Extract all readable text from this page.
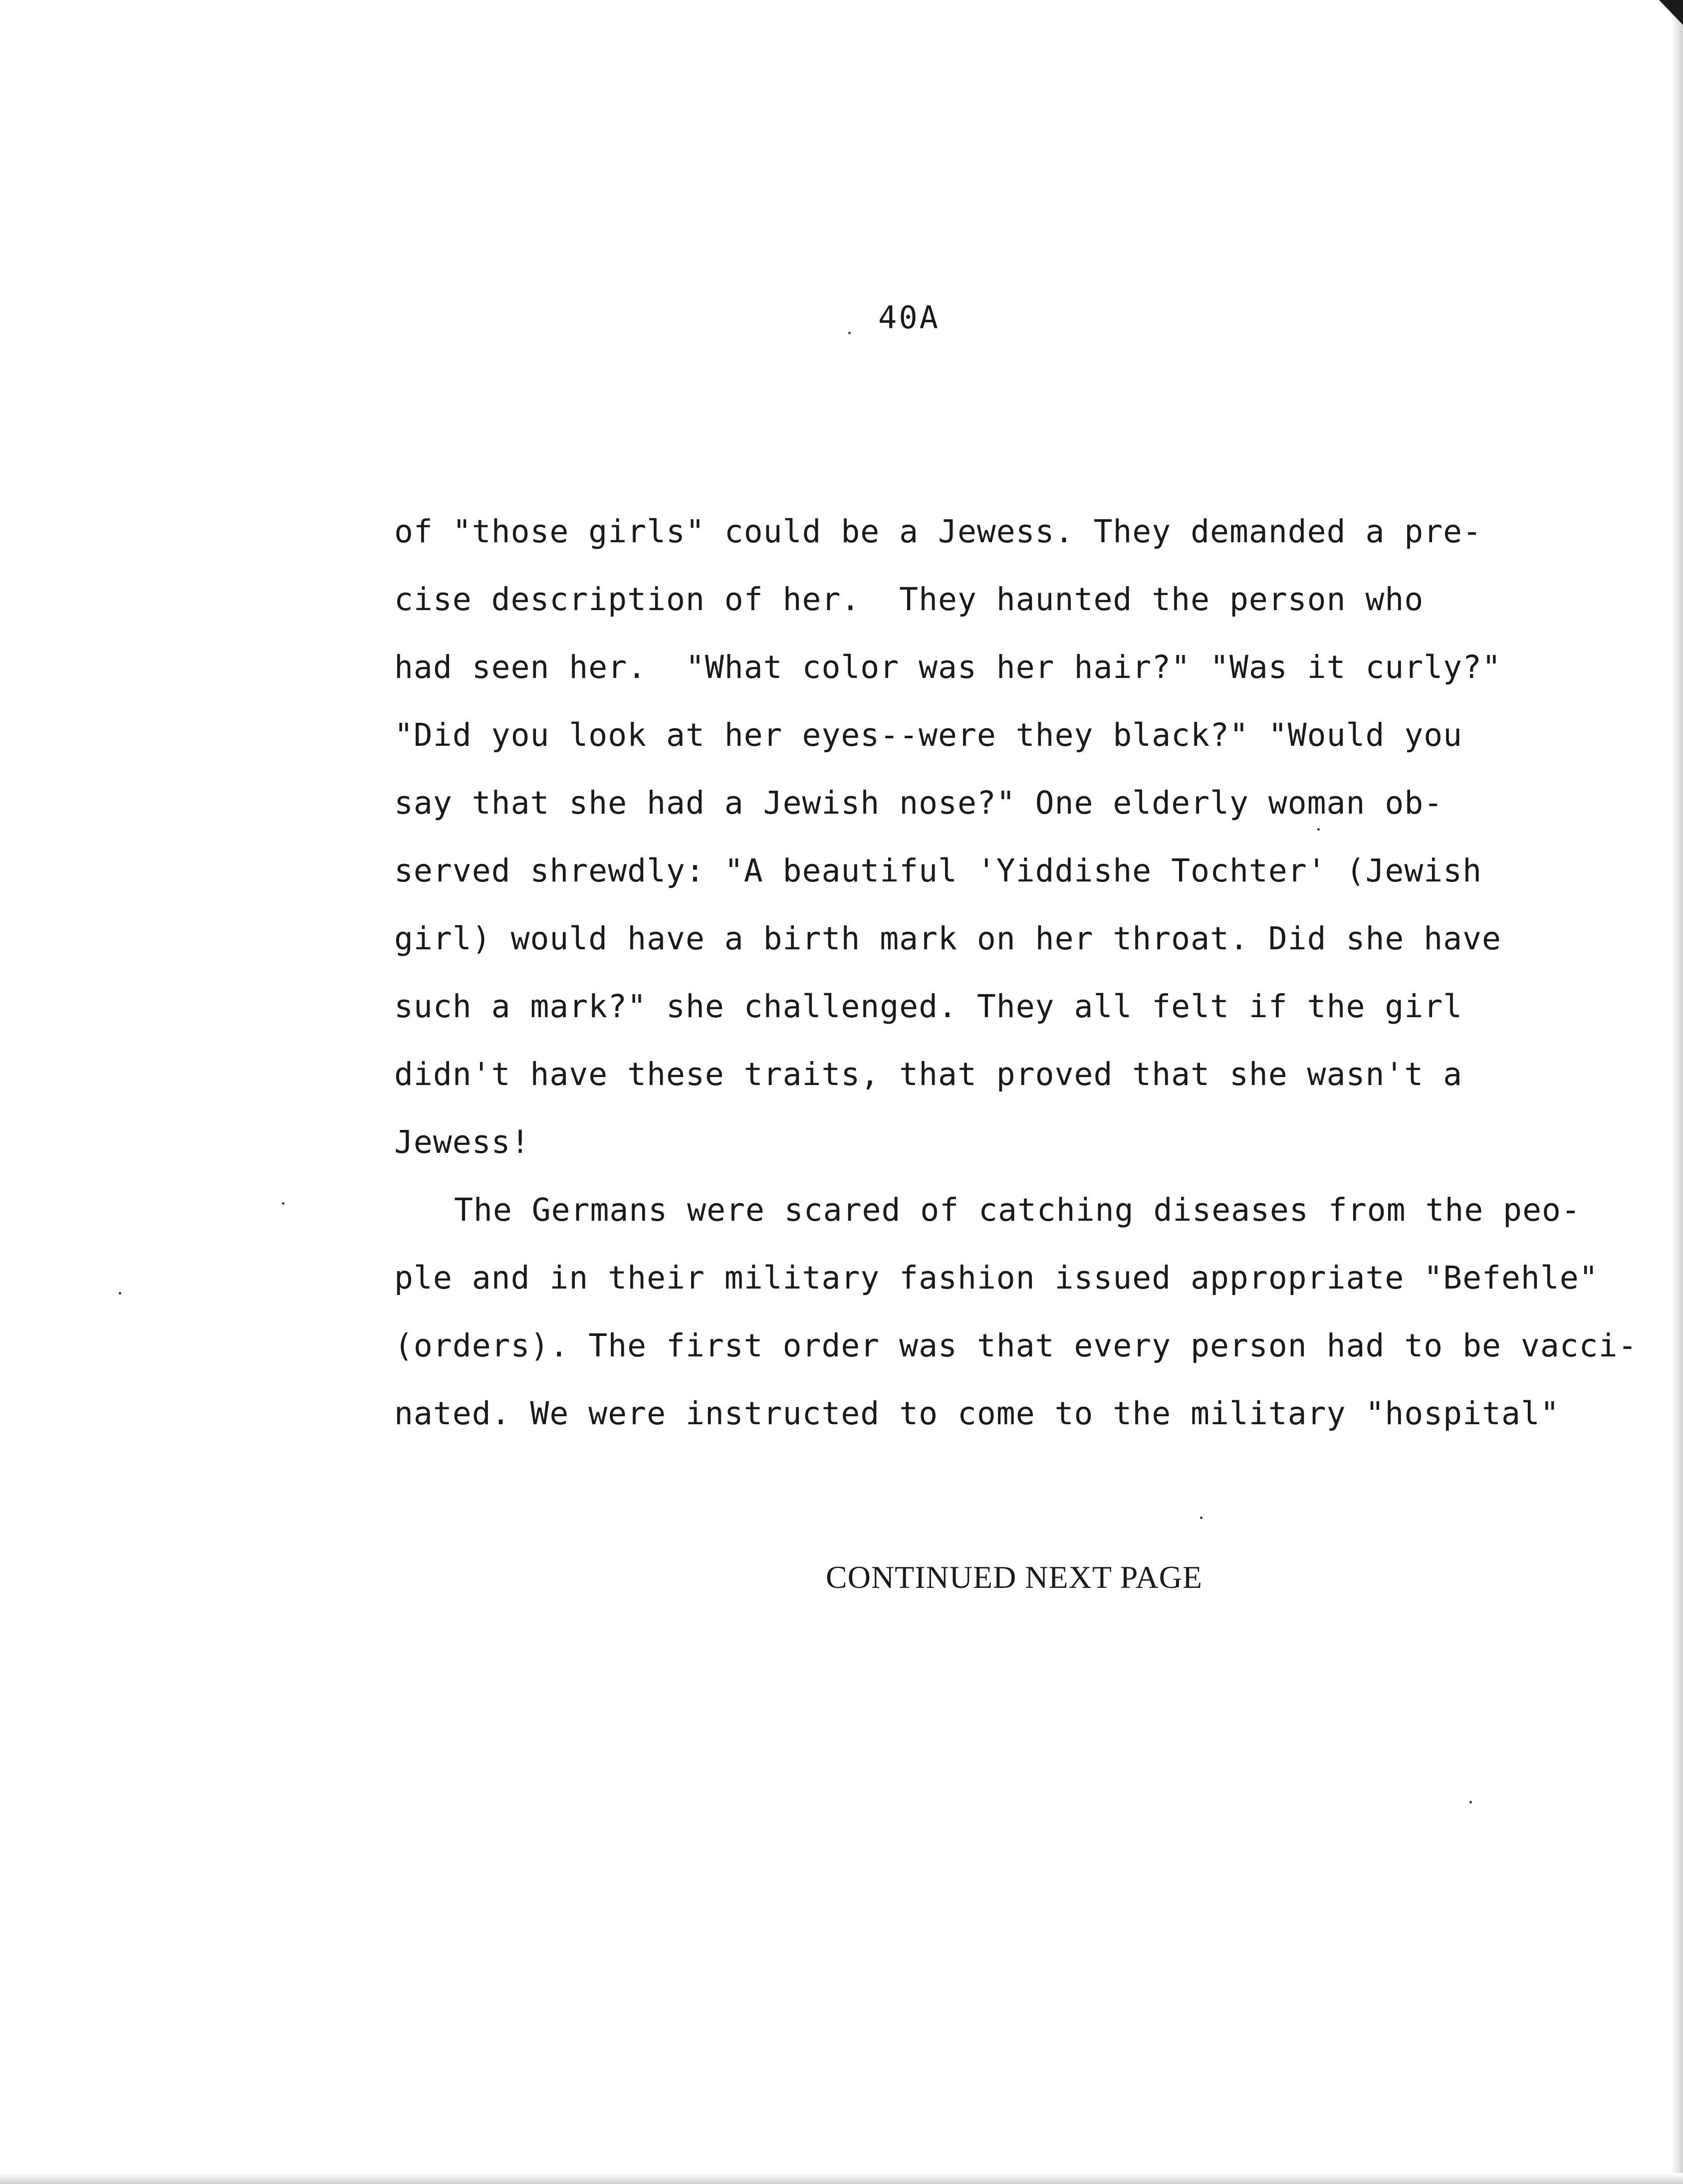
40A
of "those girls" could be a Jewess. They demanded a pre-
cise description of her.  They haunted the person who
had seen her.  "What color was her hair?" "Was it curly?"
"Did you look at her eyes--were they black?" "Would you
say that she had a Jewish nose?" One elderly woman ob-
served shrewdly: "A beautiful 'Yiddishe Tochter' (Jewish
girl) would have a birth mark on her throat. Did she have
such a mark?" she challenged. They all felt if the girl
didn't have these traits, that proved that she wasn't a
Jewess!
The Germans were scared of catching diseases from the peo-
ple and in their military fashion issued appropriate "Befehle"
(orders). The first order was that every person had to be vacci-
nated. We were instructed to come to the military "hospital"
CONTINUED NEXT PAGE
